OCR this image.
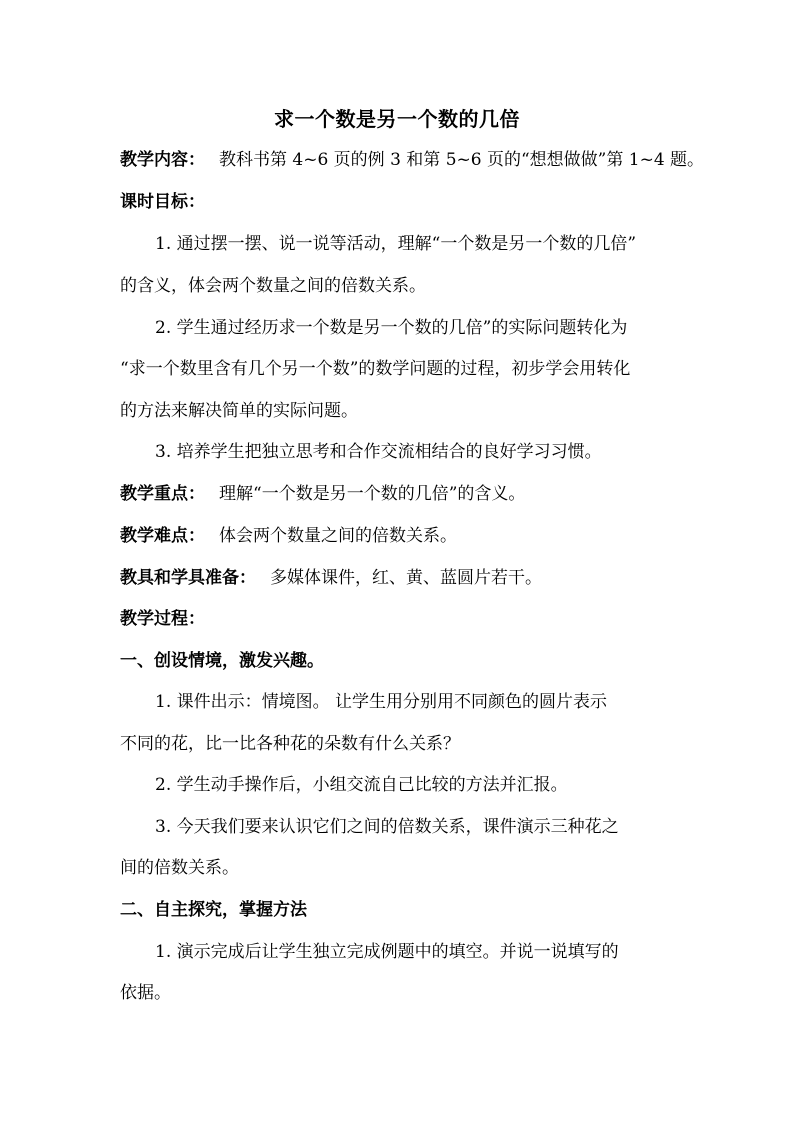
求一个数是另一个数的几倍
教学内容： 教科书第 4~6 页的例 3 和第 5~6 页的“想想做做”第 1~4 题。
课时目标：
1. 通过摆一摆、说一说等活动，理解“一个数是另一个数的几倍”
的含义，体会两个数量之间的倍数关系。
2. 学生通过经历求一个数是另一个数的几倍”的实际问题转化为
“求一个数里含有几个另一个数”的数学问题的过程，初步学会用转化
的方法来解决简单的实际问题。
3. 培养学生把独立思考和合作交流相结合的良好学习习惯。
教学重点： 理解“一个数是另一个数的几倍”的含义。
教学难点： 体会两个数量之间的倍数关系。
教具和学具准备： 多媒体课件，红、黄、蓝圆片若干。
教学过程：
一、创设情境，激发兴趣。
1. 课件出示：情境图。 让学生用分别用不同颜色的圆片表示
不同的花，比一比各种花的朵数有什么关系？
2. 学生动手操作后，小组交流自己比较的方法并汇报。
3. 今天我们要来认识它们之间的倍数关系，课件演示三种花之
间的倍数关系。
二、自主探究，掌握方法
1. 演示完成后让学生独立完成例题中的填空。并说一说填写的
依据。
